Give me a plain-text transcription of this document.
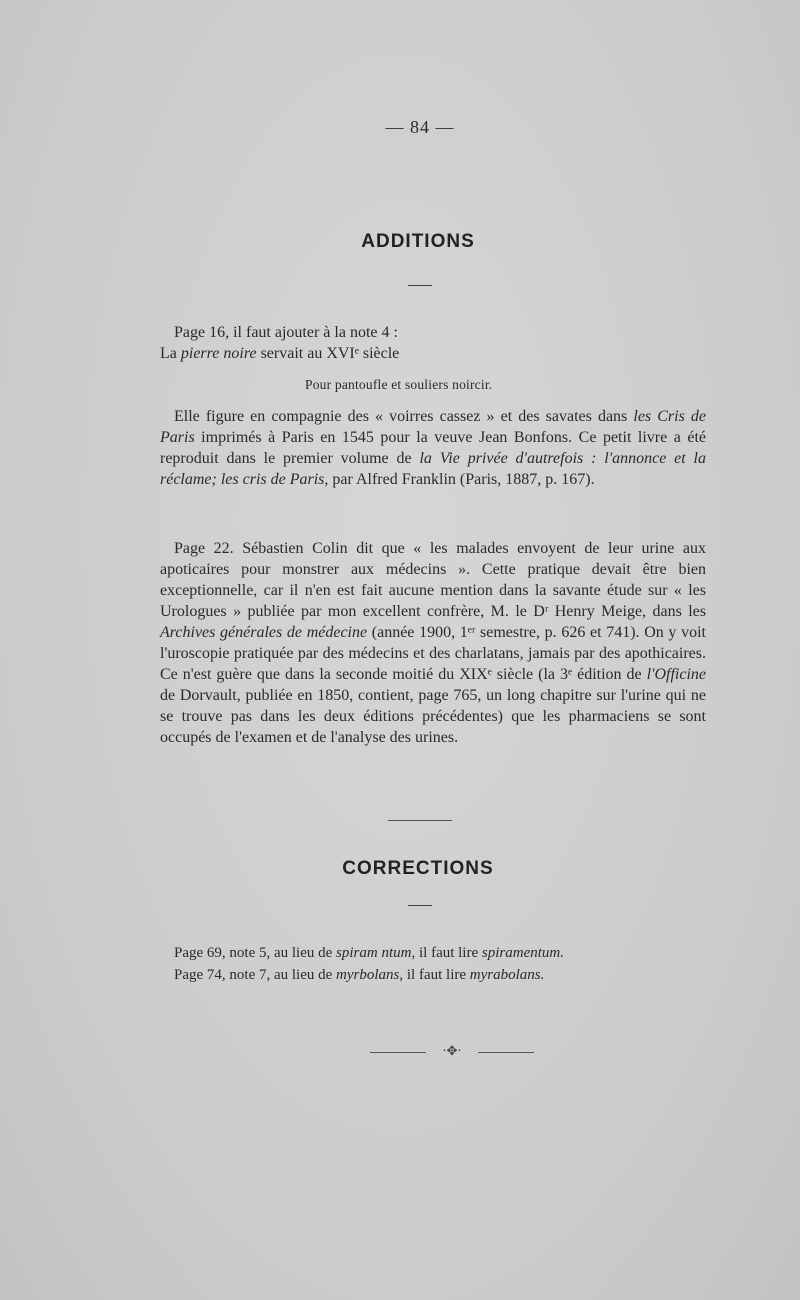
— 84 —
ADDITIONS
Page 16, il faut ajouter à la note 4 :
La pierre noire servait au XVIᵉ siècle
Pour pantoufle et souliers noircir.

Elle figure en compagnie des « voirres cassez » et des savates dans les Cris de Paris imprimés à Paris en 1545 pour la veuve Jean Bonfons. Ce petit livre a été reproduit dans le premier volume de la Vie privée d'autrefois : l'annonce et la réclame; les cris de Paris, par Alfred Franklin (Paris, 1887, p. 167).

Page 22. Sébastien Colin dit que « les malades envoyent de leur urine aux apoticaires pour monstrer aux médecins ». Cette pratique devait être bien exceptionnelle, car il n'en est fait aucune mention dans la savante étude sur « les Urologues » publiée par mon excellent confrère, M. le Dʳ Henry Meige, dans les Archives générales de médecine (année 1900, 1ᵉʳ semestre, p. 626 et 741). On y voit l'uroscopie pratiquée par des médecins et des charlatans, jamais par des apothicaires. Ce n'est guère que dans la seconde moitié du XIXᵉ siècle (la 3ᵉ édition de l'Officine de Dorvault, publiée en 1850, contient, page 765, un long chapitre sur l'urine qui ne se trouve pas dans les deux éditions précédentes) que les pharmaciens se sont occupés de l'examen et de l'analyse des urines.

CORRECTIONS
Page 69, note 5, au lieu de spiram ntum, il faut lire spiramentum.
Page 74, note 7, au lieu de myrbolans, il faut lire myrabolans.
·✥·
